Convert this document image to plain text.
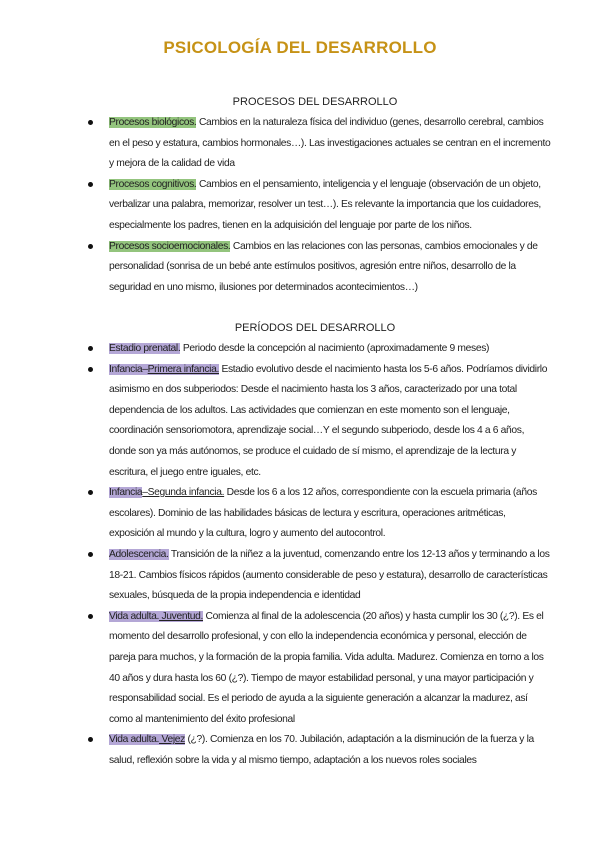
PSICOLOGÍA DEL DESARROLLO
PROCESOS DEL DESARROLLO
Procesos biológicos. Cambios en la naturaleza física del individuo (genes, desarrollo cerebral, cambios en el peso y estatura, cambios hormonales…). Las investigaciones actuales se centran en el incremento y mejora de la calidad de vida
Procesos cognitivos. Cambios en el pensamiento, inteligencia y el lenguaje (observación de un objeto, verbalizar una palabra, memorizar, resolver un test…). Es relevante la importancia que los cuidadores, especialmente los padres, tienen en la adquisición del lenguaje por parte de los niños.
Procesos socioemocionales. Cambios en las relaciones con las personas, cambios emocionales y de personalidad (sonrisa de un bebé ante estímulos positivos, agresión entre niños, desarrollo de la seguridad en uno mismo, ilusiones por determinados acontecimientos…)
PERÍODOS DEL DESARROLLO
Estadio prenatal. Periodo desde la concepción al nacimiento (aproximadamente 9 meses)
Infancia–Primera infancia. Estadio evolutivo desde el nacimiento hasta los 5-6 años. Podríamos dividirlo asimismo en dos subperiodos: Desde el nacimiento hasta los 3 años, caracterizado por una total dependencia de los adultos. Las actividades que comienzan en este momento son el lenguaje, coordinación sensoriomotora, aprendizaje social…Y el segundo subperiodo, desde los 4 a 6 años, donde son ya más autónomos, se produce el cuidado de sí mismo, el aprendizaje de la lectura y escritura, el juego entre iguales, etc.
Infancia–Segunda infancia. Desde los 6 a los 12 años, correspondiente con la escuela primaria (años escolares). Dominio de las habilidades básicas de lectura y escritura, operaciones aritméticas, exposición al mundo y la cultura, logro y aumento del autocontrol.
Adolescencia. Transición de la niñez a la juventud, comenzando entre los 12-13 años y terminando a los 18-21. Cambios físicos rápidos (aumento considerable de peso y estatura), desarrollo de características sexuales, búsqueda de la propia independencia e identidad
Vida adulta. Juventud. Comienza al final de la adolescencia (20 años) y hasta cumplir los 30 (¿?). Es el momento del desarrollo profesional, y con ello la independencia económica y personal, elección de pareja para muchos, y la formación de la propia familia. Vida adulta. Madurez. Comienza en torno a los 40 años y dura hasta los 60 (¿?). Tiempo de mayor estabilidad personal, y una mayor participación y responsabilidad social. Es el periodo de ayuda a la siguiente generación a alcanzar la madurez, así como al mantenimiento del éxito profesional
Vida adulta. Vejez (¿?). Comienza en los 70. Jubilación, adaptación a la disminución de la fuerza y la salud, reflexión sobre la vida y al mismo tiempo, adaptación a los nuevos roles sociales
